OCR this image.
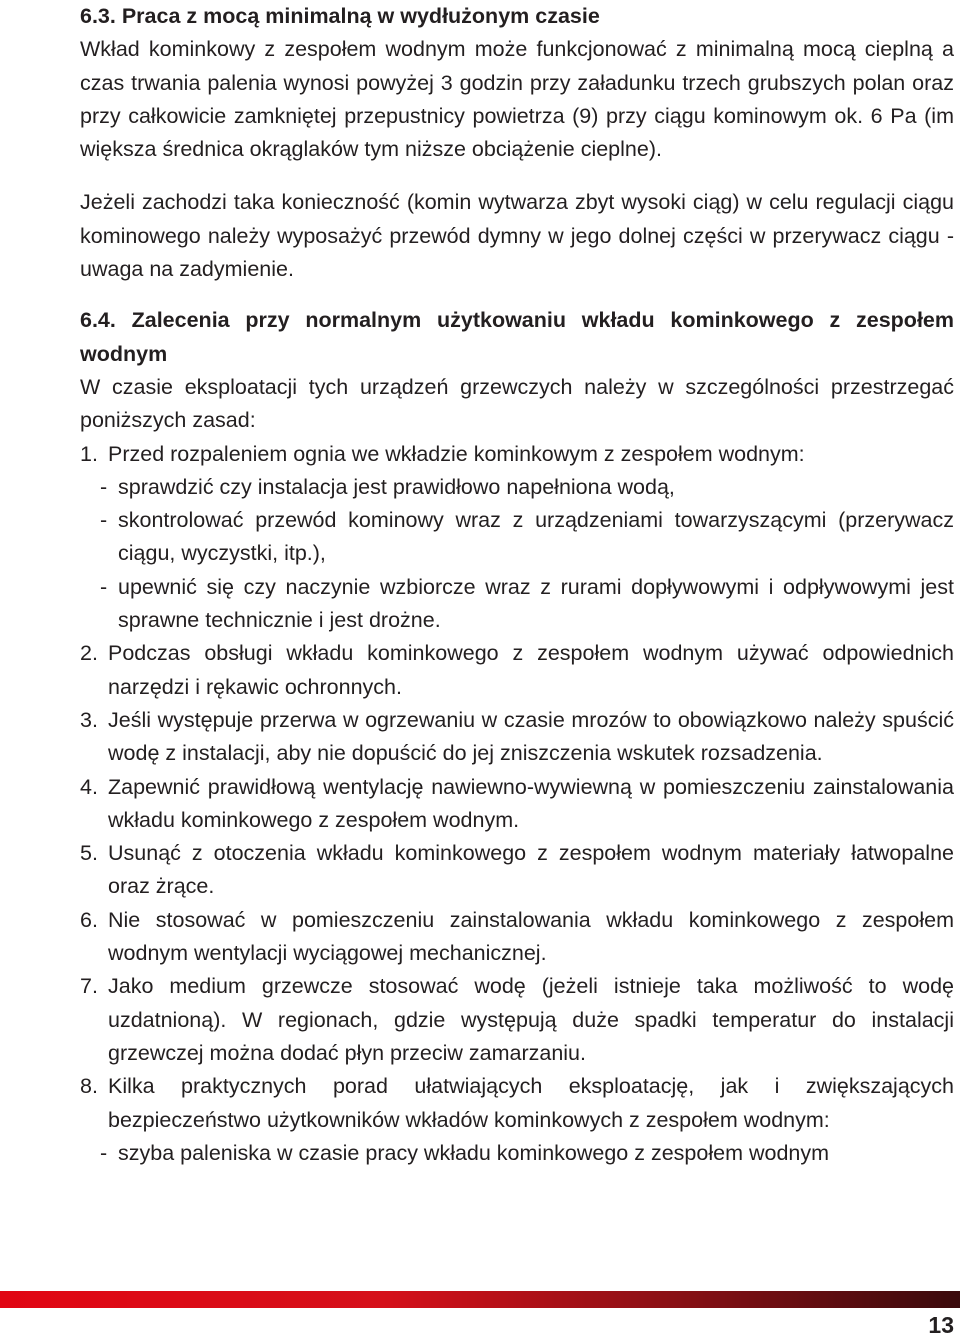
6.3. Praca z mocą minimalną w wydłużonym czasie

Wkład kominkowy z zespołem wodnym może funkcjonować z minimalną mocą cieplną a czas trwania palenia wynosi powyżej 3 godzin przy załadunku trzech grubszych polan oraz przy całkowicie zamkniętej przepustnicy powietrza (9) przy ciągu kominowym ok. 6 Pa (im większa średnica okrąglaków tym niższe obciążenie cieplne).

Jeżeli zachodzi taka konieczność (komin wytwarza zbyt wysoki ciąg) w celu regulacji ciągu kominowego należy wyposażyć przewód dymny w jego dolnej części w przerywacz ciągu - uwaga na zadymienie.

6.4. Zalecenia przy normalnym użytkowaniu wkładu kominkowego z zespołem wodnym

W czasie eksploatacji tych urządzeń grzewczych należy w szczególności przestrzegać poniższych zasad:

1. Przed rozpaleniem ognia we wkładzie kominkowym z zespołem wodnym:
- sprawdzić czy instalacja jest prawidłowo napełniona wodą,
- skontrolować przewód kominowy wraz z urządzeniami towarzyszącymi (przerywacz ciągu, wyczystki, itp.),
- upewnić się czy naczynie wzbiorcze wraz z rurami dopływowymi i odpływowymi jest sprawne technicznie i jest drożne.
2. Podczas obsługi wkładu kominkowego z zespołem wodnym używać odpowiednich narzędzi i rękawic ochronnych.
3. Jeśli występuje przerwa w ogrzewaniu w czasie mrozów to obowiązkowo należy spuścić wodę z instalacji, aby nie dopuścić do jej zniszczenia wskutek rozsadzenia.
4. Zapewnić prawidłową wentylację nawiewno-wywiewną w pomieszczeniu zainstalowania wkładu kominkowego z zespołem wodnym.
5. Usunąć z otoczenia wkładu kominkowego z zespołem wodnym materiały łatwopalne oraz żrące.
6. Nie stosować w pomieszczeniu zainstalowania wkładu kominkowego z zespołem wodnym wentylacji wyciągowej mechanicznej.
7. Jako medium grzewcze stosować wodę (jeżeli istnieje taka możliwość to wodę uzdatnioną). W regionach, gdzie występują duże spadki temperatur do instalacji grzewczej można dodać płyn przeciw zamarzaniu.
8. Kilka praktycznych porad ułatwiających eksploatację, jak i zwiększających bezpieczeństwo użytkowników wkładów kominkowych z zespołem wodnym:
- szyba paleniska w czasie pracy wkładu kominkowego z zespołem wodnym
13
